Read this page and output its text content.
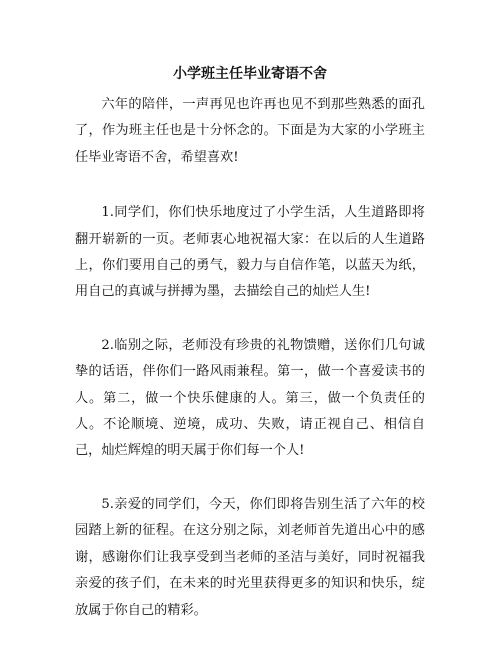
小学班主任毕业寄语不舍

六年的陪伴，一声再见也许再也见不到那些熟悉的面孔了，作为班主任也是十分怀念的。下面是为大家的小学班主任毕业寄语不舍，希望喜欢!

1.同学们，你们快乐地度过了小学生活，人生道路即将翻开崭新的一页。老师衷心地祝福大家：在以后的人生道路上，你们要用自己的勇气，毅力与自信作笔，以蓝天为纸，用自己的真诚与拼搏为墨，去描绘自己的灿烂人生!

2.临别之际，老师没有珍贵的礼物馈赠，送你们几句诚挚的话语，伴你们一路风雨兼程。第一，做一个喜爱读书的人。第二，做一个快乐健康的人。第三，做一个负责任的人。不论顺境、逆境，成功、失败，请正视自己、相信自己，灿烂辉煌的明天属于你们每一个人!

5.亲爱的同学们，今天，你们即将告别生活了六年的校园踏上新的征程。在这分别之际，刘老师首先道出心中的感谢，感谢你们让我享受到当老师的圣洁与美好，同时祝福我亲爱的孩子们，在未来的时光里获得更多的知识和快乐，绽放属于你自己的精彩。
